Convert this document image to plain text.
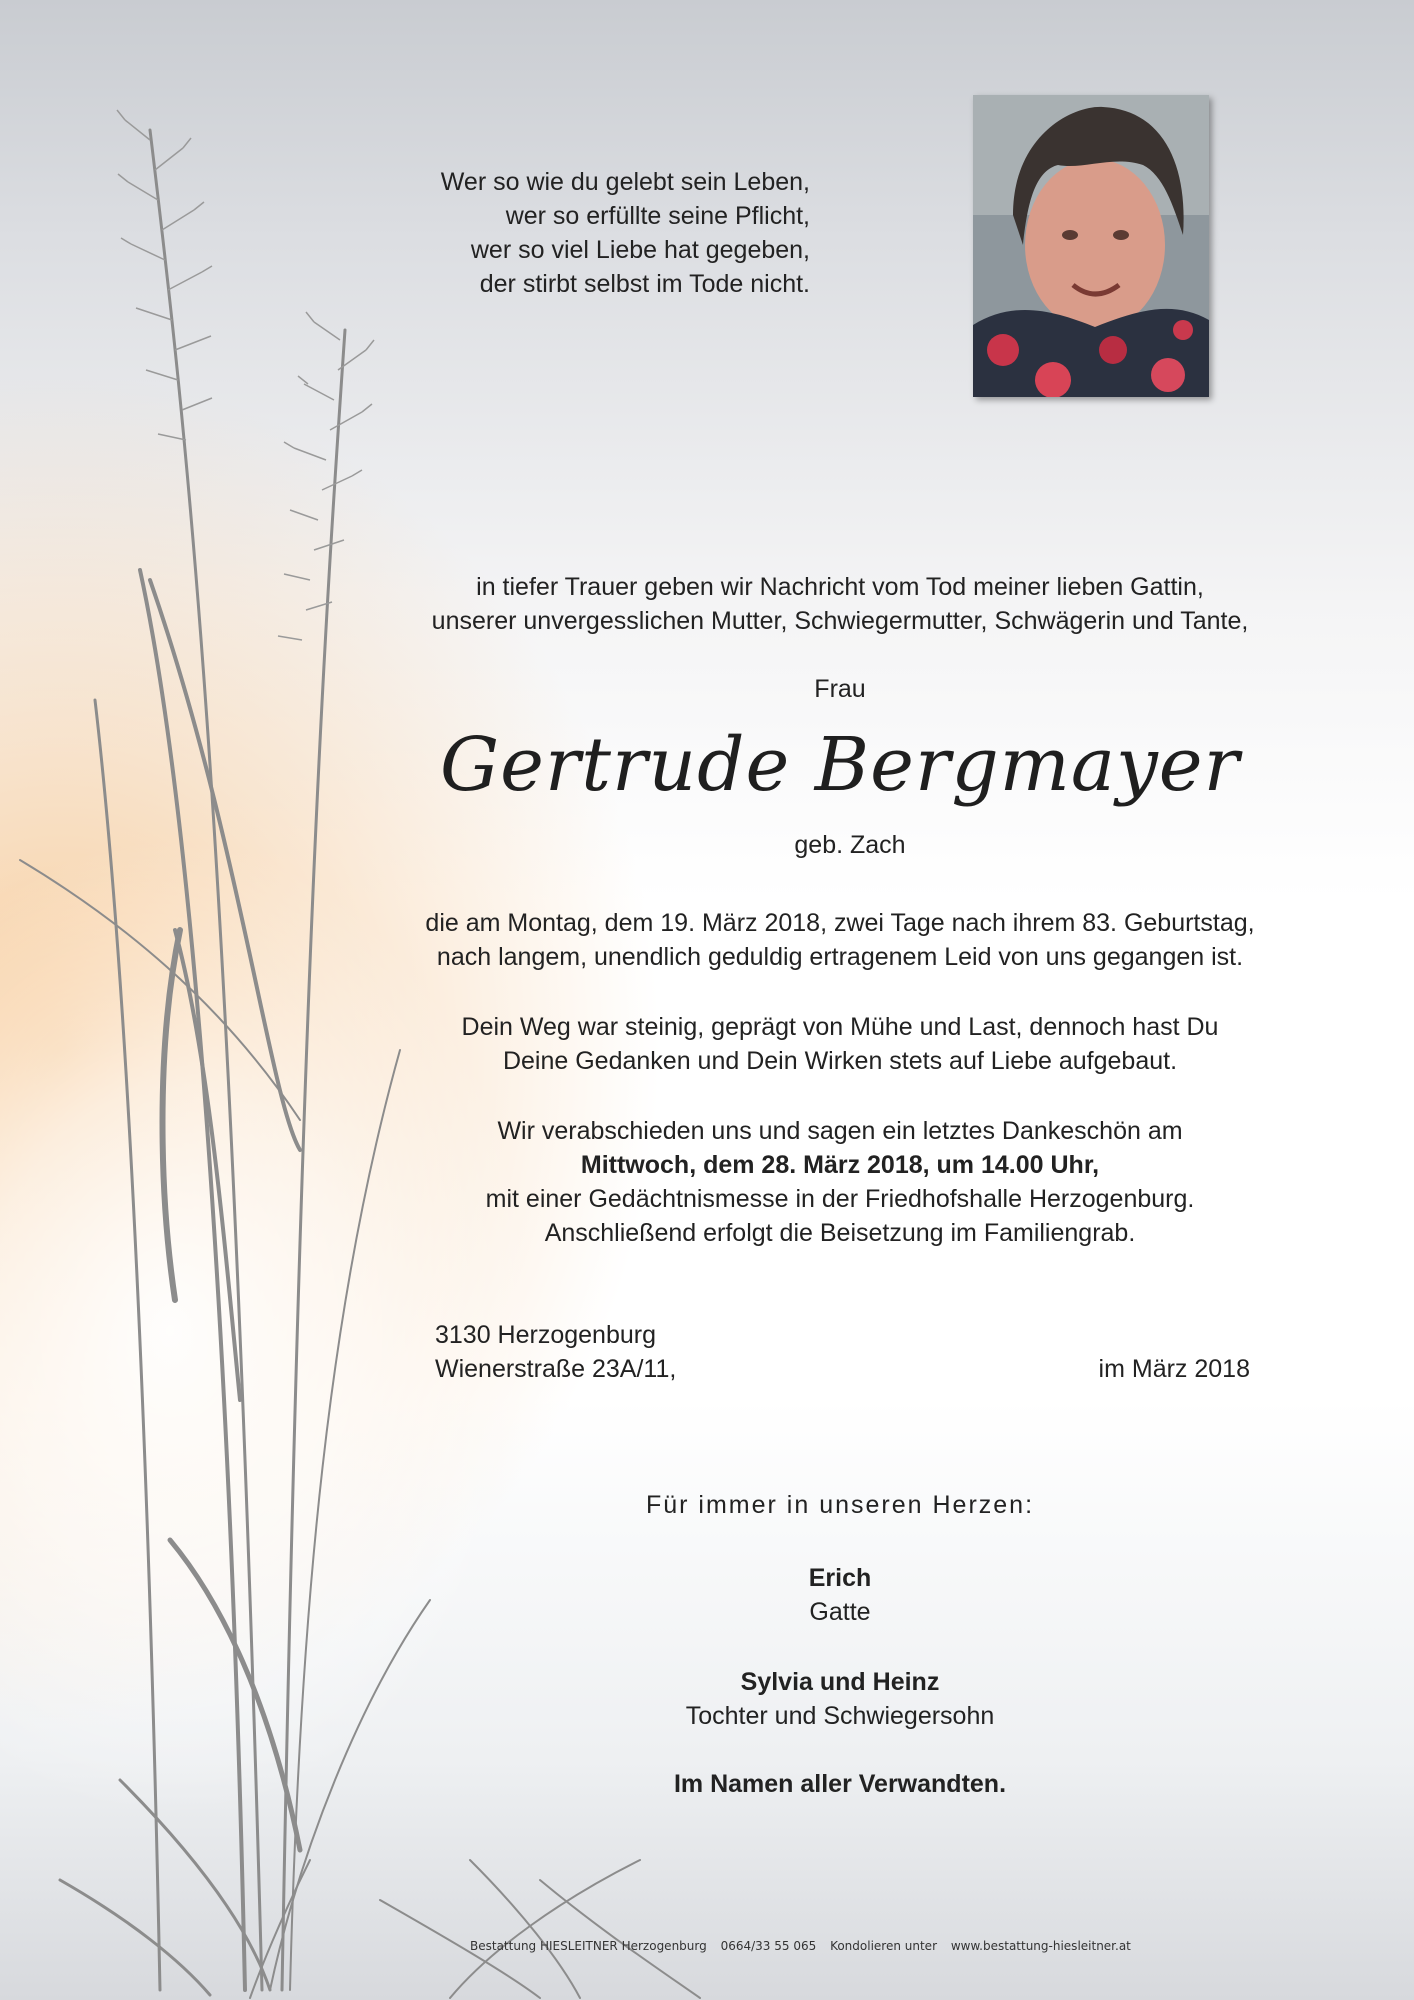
Wer so wie du gelebt sein Leben,
wer so erfüllte seine Pflicht,
wer so viel Liebe hat gegeben,
der stirbt selbst im Tode nicht.
in tiefer Trauer geben wir Nachricht vom Tod meiner lieben Gattin,
unserer unvergesslichen Mutter, Schwiegermutter, Schwägerin und Tante,
Frau
Gertrude Bergmayer
geb. Zach
die am Montag, dem 19. März 2018, zwei Tage nach ihrem 83. Geburtstag,
nach langem, unendlich geduldig ertragenem Leid von uns gegangen ist.
Dein Weg war steinig, geprägt von Mühe und Last, dennoch hast Du
Deine Gedanken und Dein Wirken stets auf Liebe aufgebaut.
Wir verabschieden uns und sagen ein letztes Dankeschön am
Mittwoch, dem 28. März 2018, um 14.00 Uhr,
mit einer Gedächtnismesse in der Friedhofshalle Herzogenburg.
Anschließend erfolgt die Beisetzung im Familiengrab.
3130 Herzogenburg
Wienerstraße 23A/11,	im März 2018
Für immer in unseren Herzen:
Erich
Gatte
Sylvia und Heinz
Tochter und Schwiegersohn
Im Namen aller Verwandten.
Bestattung HIESLEITNER Herzogenburg 0664/33 55 065 Kondolieren unter www.bestattung-hiesleitner.at
